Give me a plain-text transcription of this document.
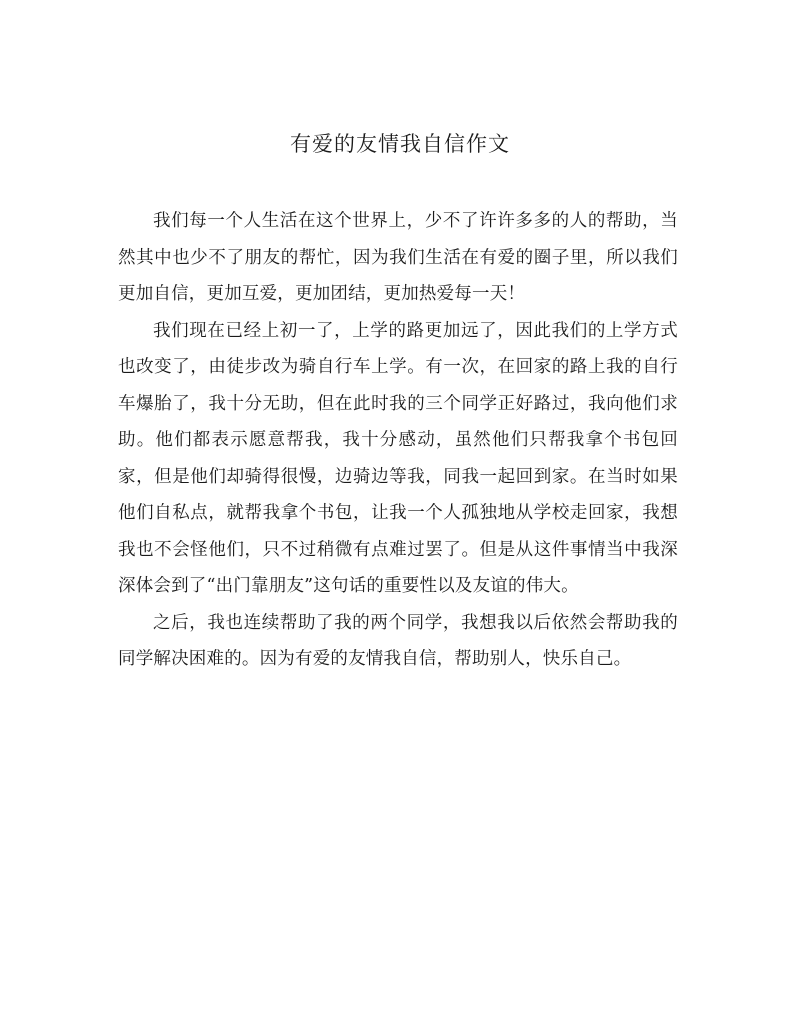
有爱的友情我自信作文

我们每一个人生活在这个世界上，少不了许许多多的人的帮助，当然其中也少不了朋友的帮忙，因为我们生活在有爱的圈子里，所以我们更加自信，更加互爱，更加团结，更加热爱每一天！

我们现在已经上初一了，上学的路更加远了，因此我们的上学方式也改变了，由徒步改为骑自行车上学。有一次，在回家的路上我的自行车爆胎了，我十分无助，但在此时我的三个同学正好路过，我向他们求助。他们都表示愿意帮我，我十分感动，虽然他们只帮我拿个书包回家，但是他们却骑得很慢，边骑边等我，同我一起回到家。在当时如果他们自私点，就帮我拿个书包，让我一个人孤独地从学校走回家，我想我也不会怪他们，只不过稍微有点难过罢了。但是从这件事情当中我深深体会到了“出门靠朋友”这句话的重要性以及友谊的伟大。

之后，我也连续帮助了我的两个同学，我想我以后依然会帮助我的同学解决困难的。因为有爱的友情我自信，帮助别人，快乐自己。
